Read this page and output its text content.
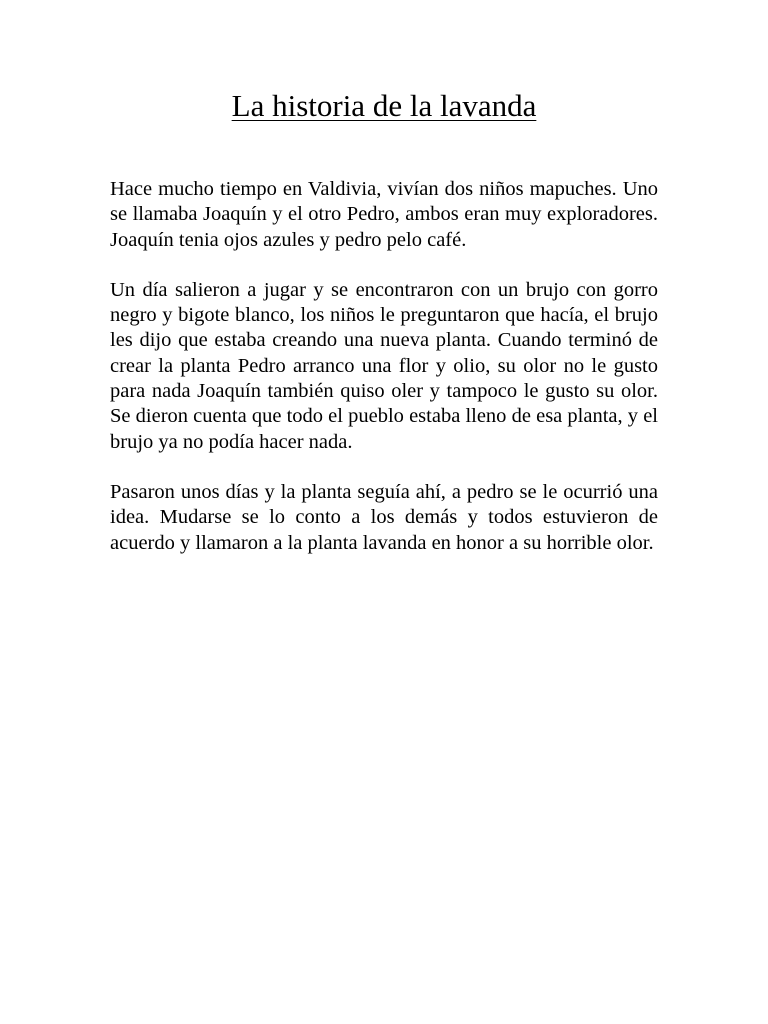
La historia de la lavanda

Hace mucho tiempo en Valdivia, vivían dos niños mapuches. Uno se llamaba Joaquín y el otro Pedro, ambos eran muy exploradores. Joaquín tenia ojos azules y pedro pelo café.

Un día salieron a jugar y se encontraron con un brujo con gorro negro y bigote blanco, los niños le preguntaron que hacía, el brujo les dijo que estaba creando una nueva planta. Cuando terminó de crear la planta Pedro arranco una flor y olio, su olor no le gusto para nada Joaquín también quiso oler y tampoco le gusto su olor. Se dieron cuenta que todo el pueblo estaba lleno de esa planta, y el brujo ya no podía hacer nada.

Pasaron unos días y la planta seguía ahí, a pedro se le ocurrió una idea. Mudarse se lo conto a los demás y todos estuvieron de acuerdo y llamaron a la planta lavanda en honor a su horrible olor.
